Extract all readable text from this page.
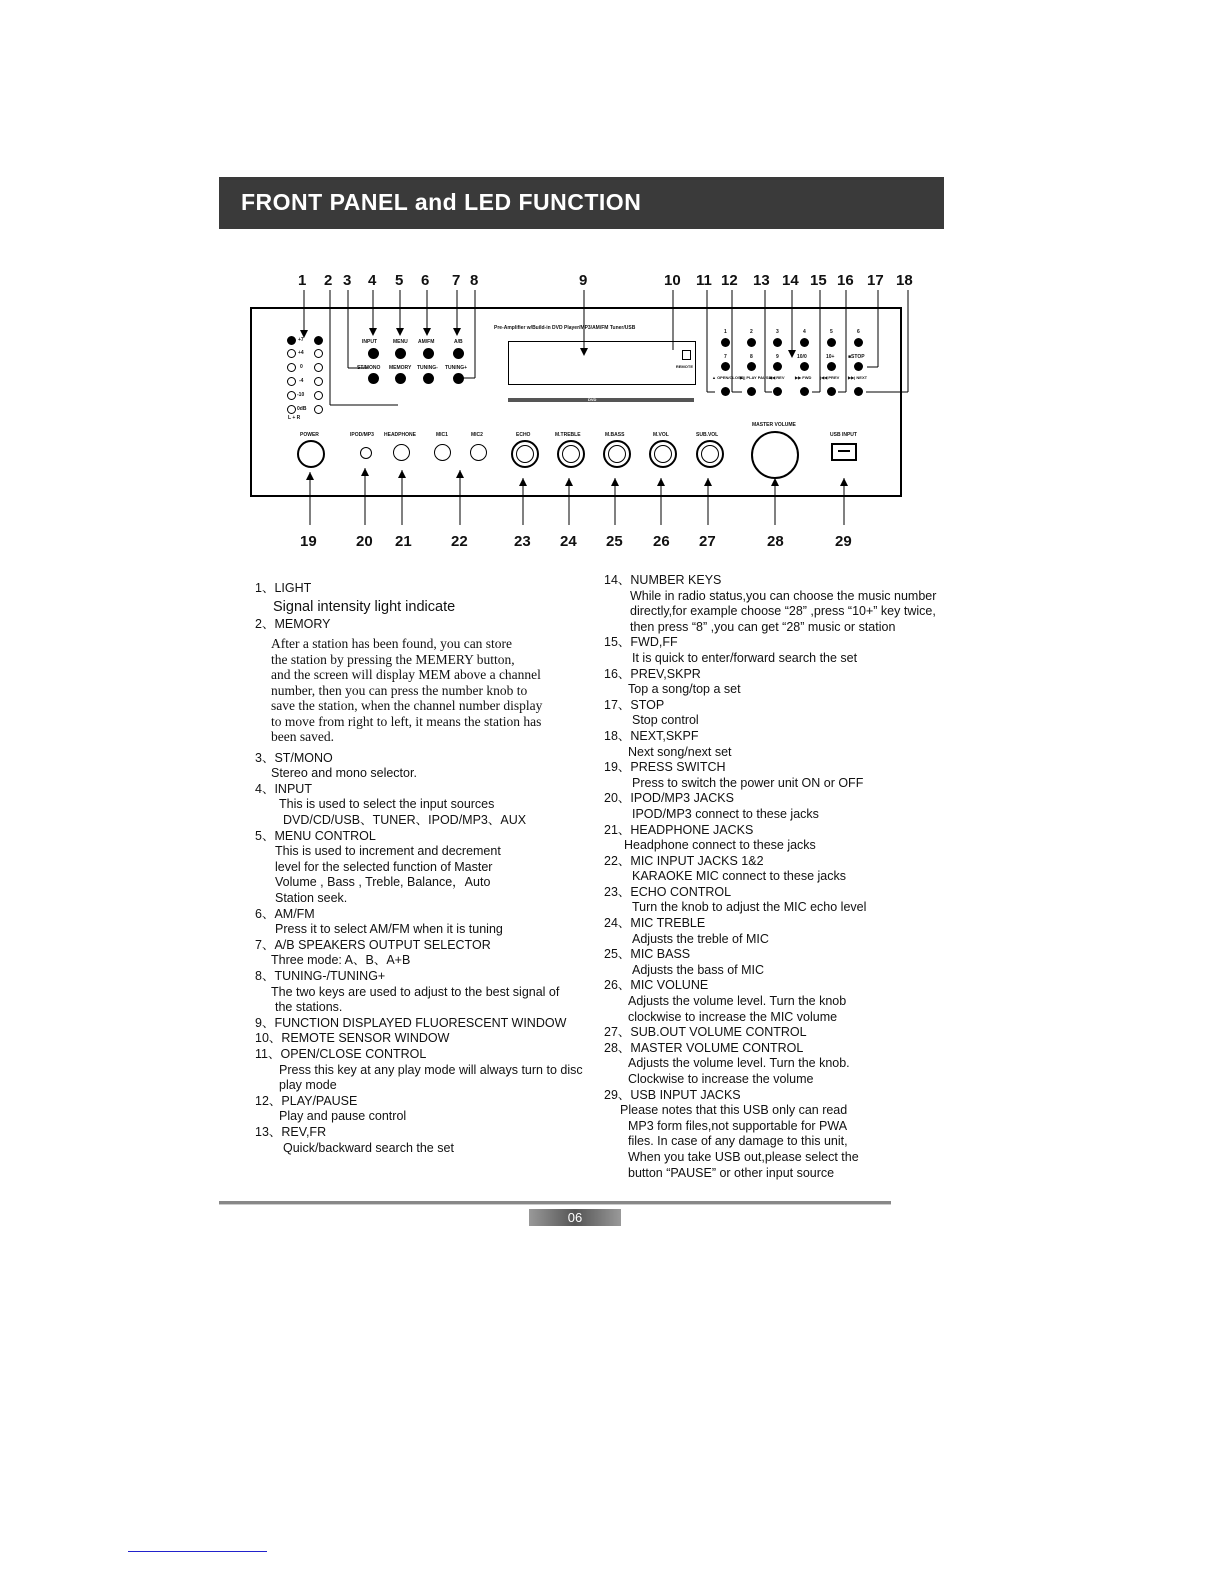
FRONT PANEL and LED FUNCTION
1 2 3 4 5 6 7 8	9	10 11 12 13 14 15 16 17 18
+7
+4
0
-4
-10
0dB
L + R
INPUT	MENU AM/FM	A/B
ST/MONO MEMORY TUNING- TUNING+
Pre-Amplifier w/Build-in DVD Player/MP3/AM/FM Tuner/USB
REMOTE
DVD
1	2	3	4	5	6
7	8	9	10/0	10+	■STOP
▲ OPEN/CLOSE
▶|| PLAY PAUSE
◀◀ REV	▶▶ FWD |◀◀ PREV ▶▶| NEXT
POWER	IPOD/MP3 HEADPHONE	MIC1	MIC2	ECHO	M.TREBLE	M.BASS	M.VOL	SUB.VOL
MASTER VOLUME
USB INPUT
19	20 21	22	23 24 25 26 27	28	29

1、LIGHT

Signal intensity light indicate

2、MEMORY

After a station has been found, you can store

the station by pressing the MEMERY button,

and the screen will display MEM above a channel

number, then you can press the number knob to

save the station, when the channel number display

to move from right to left, it means the station has

been saved.

3、ST/MONO

Stereo and mono selector.

4、INPUT

This is used to select the input sources

DVD/CD/USB、TUNER、IPOD/MP3、AUX

5、MENU CONTROL

This is used to increment and decrement

level for the selected function of Master

Volume , Bass , Treble, Balance，Auto

Station seek.

6、AM/FM

Press it to select AM/FM when it is tuning

7、A/B SPEAKERS OUTPUT SELECTOR

Three mode: A、B、A+B

8、TUNING-/TUNING+

The two keys are used to adjust to the best signal of

the stations.

9、FUNCTION DISPLAYED FLUORESCENT WINDOW

10、REMOTE SENSOR WINDOW

11、OPEN/CLOSE CONTROL

Press this key at any play mode will always turn to disc

play mode

12、PLAY/PAUSE

Play and pause control

13、REV,FR

Quick/backward search the set

14、NUMBER KEYS

While in radio status,you can choose the music number

directly,for example choose “28” ,press “10+” key twice,

then press “8” ,you can get “28” music or station

15、FWD,FF

It is quick to enter/forward search the set

16、PREV,SKPR

Top a song/top a set

17、STOP

Stop control

18、NEXT,SKPF

Next song/next set

19、PRESS SWITCH

Press to switch the power unit ON or OFF

20、IPOD/MP3 JACKS

IPOD/MP3 connect to these jacks

21、HEADPHONE JACKS

Headphone connect to these jacks

22、MIC INPUT JACKS 1&2

KARAOKE MIC connect to these jacks

23、ECHO CONTROL

Turn the knob to adjust the MIC echo level

24、MIC TREBLE

Adjusts the treble of MIC

25、MIC BASS

Adjusts the bass of MIC

26、MIC VOLUNE

Adjusts the volume level. Turn the knob

clockwise to increase the MIC volume

27、SUB.OUT VOLUME CONTROL

28、MASTER VOLUME CONTROL

Adjusts the volume level. Turn the knob.

Clockwise to increase the volume

29、USB INPUT JACKS

Please notes that this USB only can read

MP3 form files,not supportable for PWA

files. In case of any damage to this unit,

When you take USB out,please select the

button “PAUSE” or other input source

06
